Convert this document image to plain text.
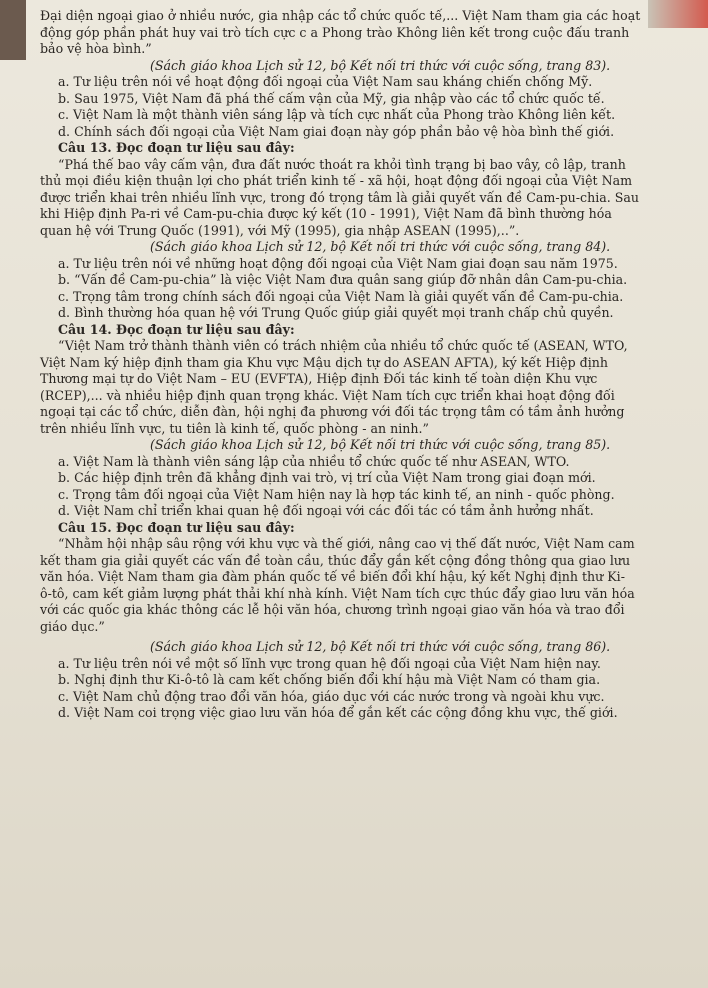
Đại diện ngoại giao ở nhiều nước, gia nhập các tổ chức quốc tế,... Việt Nam tham gia các hoạt
động góp phần phát huy vai trò tích cực c a Phong trào Không liên kết trong cuộc đấu tranh
bảo vệ hòa bình.”
(Sách giáo khoa Lịch sử 12, bộ Kết nối tri thức với cuộc sống, trang 83).
a. Tư liệu trên nói về hoạt động đối ngoại của Việt Nam sau kháng chiến chống Mỹ.
b. Sau 1975, Việt Nam đã phá thế cấm vận của Mỹ, gia nhập vào các tổ chức quốc tế.
c. Việt Nam là một thành viên sáng lập và tích cực nhất của Phong trào Không liên kết.
d. Chính sách đối ngoại của Việt Nam giai đoạn này góp phần bảo vệ hòa bình thế giới.
Câu 13. Đọc đoạn tư liệu sau đây:
“Phá thế bao vây cấm vận, đưa đất nước thoát ra khỏi tình trạng bị bao vây, cô lập, tranh
thủ mọi điều kiện thuận lợi cho phát triển kinh tế - xã hội, hoạt động đối ngoại của Việt Nam
được triển khai trên nhiều lĩnh vực, trong đó trọng tâm là giải quyết vấn đề Cam-pu-chia. Sau
khi Hiệp định Pa-ri về Cam-pu-chia được ký kết (10 - 1991), Việt Nam đã bình thường hóa
quan hệ với Trung Quốc (1991), với Mỹ (1995), gia nhập ASEAN (1995),..”.
(Sách giáo khoa Lịch sử 12, bộ Kết nối tri thức với cuộc sống, trang 84).
a. Tư liệu trên nói về những hoạt động đối ngoại của Việt Nam giai đoạn sau năm 1975.
b. “Vấn đề Cam-pu-chia” là việc Việt Nam đưa quân sang giúp đỡ nhân dân Cam-pu-chia.
c. Trọng tâm trong chính sách đối ngoại của Việt Nam là giải quyết vấn đề Cam-pu-chia.
d. Bình thường hóa quan hệ với Trung Quốc giúp giải quyết mọi tranh chấp chủ quyền.
Câu 14. Đọc đoạn tư liệu sau đây:
“Việt Nam trở thành thành viên có trách nhiệm của nhiều tổ chức quốc tế (ASEAN, WTO,
Việt Nam ký hiệp định tham gia Khu vực Mậu dịch tự do ASEAN AFTA), ký kết Hiệp định
Thương mại tự do Việt Nam – EU (EVFTA), Hiệp định Đối tác kinh tế toàn diện Khu vực
(RCEP),... và nhiều hiệp định quan trọng khác. Việt Nam tích cực triển khai hoạt động đối
ngoại tại các tổ chức, diễn đàn, hội nghị đa phương với đối tác trọng tâm có tầm ảnh hưởng
trên nhiều lĩnh vực, tu tiên là kinh tế, quốc phòng - an ninh.”
(Sách giáo khoa Lịch sử 12, bộ Kết nối tri thức với cuộc sống, trang 85).
a. Việt Nam là thành viên sáng lập của nhiều tổ chức quốc tế như ASEAN, WTO.
b. Các hiệp định trên đã khẳng định vai trò, vị trí của Việt Nam trong giai đoạn mới.
c. Trọng tâm đối ngoại của Việt Nam hiện nay là hợp tác kinh tế, an ninh - quốc phòng.
d. Việt Nam chỉ triển khai quan hệ đối ngoại với các đối tác có tầm ảnh hưởng nhất.
Câu 15. Đọc đoạn tư liệu sau đây:
“Nhằm hội nhập sâu rộng với khu vực và thế giới, nâng cao vị thế đất nước, Việt Nam cam
kết tham gia giải quyết các vấn đề toàn cầu, thúc đẩy gắn kết cộng đồng thông qua giao lưu
văn hóa. Việt Nam tham gia đàm phán quốc tế về biến đổi khí hậu, ký kết Nghị định thư Ki-
ô-tô, cam kết giảm lượng phát thải khí nhà kính. Việt Nam tích cực thúc đẩy giao lưu văn hóa
với các quốc gia khác thông các lễ hội văn hóa, chương trình ngoại giao văn hóa và trao đổi
giáo dục.”
(Sách giáo khoa Lịch sử 12, bộ Kết nối tri thức với cuộc sống, trang 86).
a. Tư liệu trên nói về một số lĩnh vực trong quan hệ đối ngoại của Việt Nam hiện nay.
b. Nghị định thư Ki-ô-tô là cam kết chống biến đổi khí hậu mà Việt Nam có tham gia.
c. Việt Nam chủ động trao đổi văn hóa, giáo dục với các nước trong và ngoài khu vực.
d. Việt Nam coi trọng việc giao lưu văn hóa để gắn kết các cộng đồng khu vực, thế giới.
